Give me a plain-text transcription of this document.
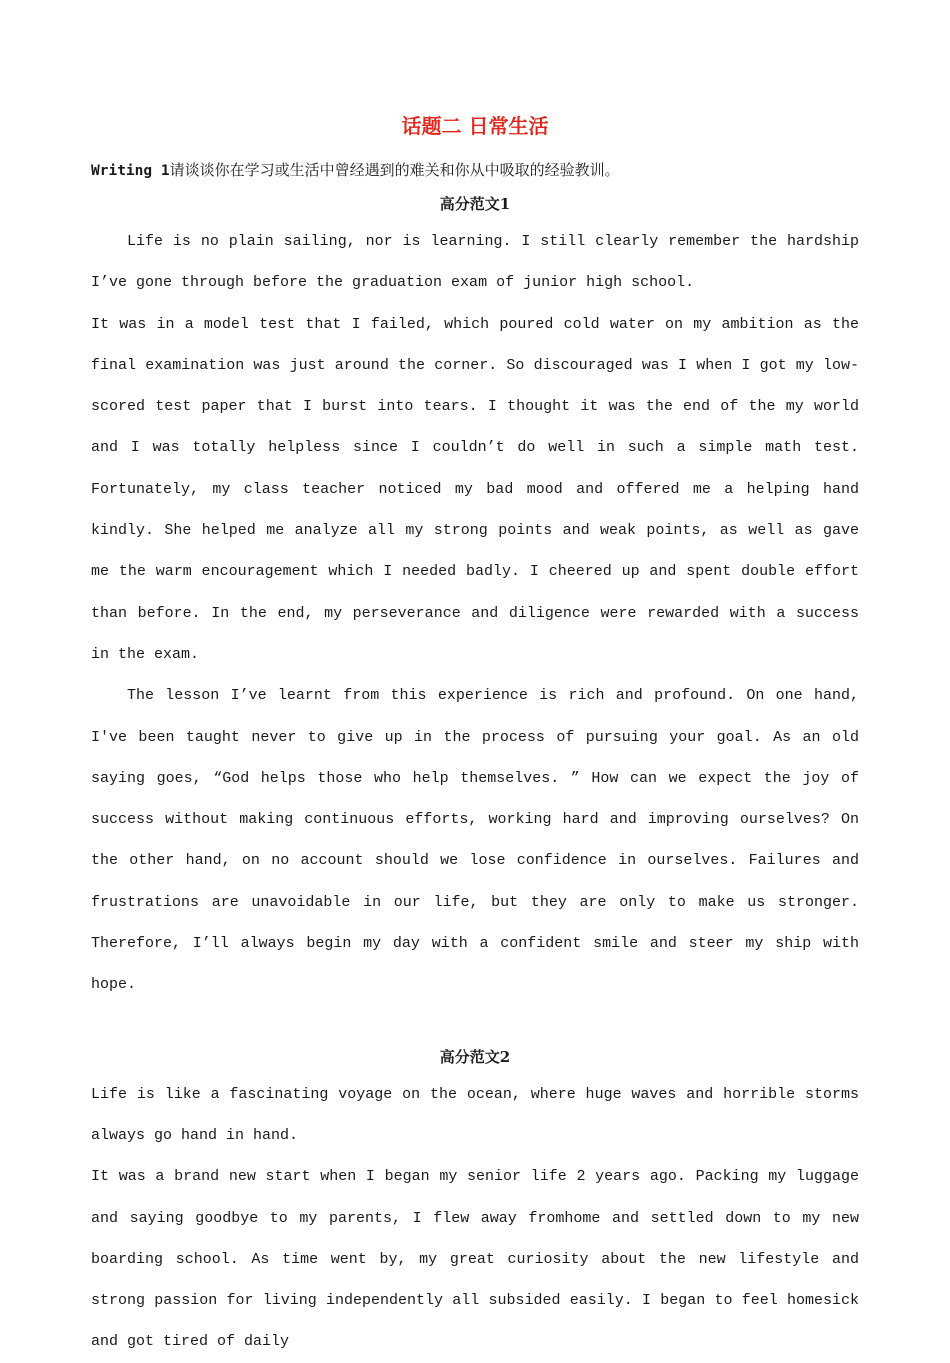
话题二 日常生活

Writing 1请谈谈你在学习或生活中曾经遇到的难关和你从中吸取的经验教训。

高分范文1

Life is no plain sailing, nor is learning. I still clearly remember the hardship I’ve gone through before the graduation exam of junior high school.

It was in a model test that I failed, which poured cold water on my ambition as the final examination was just around the corner. So discouraged was I when I got my low-scored test paper that I burst into tears. I thought it was the end of the my world and I was totally helpless since I couldn’t do well in such a simple math test. Fortunately, my class teacher noticed my bad mood and offered me a helping hand kindly. She helped me analyze all my strong points and weak points, as well as gave me the warm encouragement which I needed badly. I cheered up and spent double effort than before. In the end, my perseverance and diligence were rewarded with a success in the exam.

The lesson I’ve learnt from this experience is rich and profound. On one hand, I've been taught never to give up in the process of pursuing your goal. As an old saying goes, “God helps those who help themselves. ” How can we expect the joy of success without making continuous efforts, working hard and improving ourselves? On the other hand, on no account should we lose confidence in ourselves. Failures and frustrations are unavoidable in our life, but they are only to make us stronger. Therefore, I’ll always begin my day with a confident smile and steer my ship with hope.

高分范文2

Life is like a fascinating voyage on the ocean, where huge waves and horrible storms always go hand in hand.

It was a brand new start when I began my senior life 2 years ago. Packing my luggage and saying goodbye to my parents, I flew away fromhome and settled down to my new boarding school. As time went by, my great curiosity about the new lifestyle and strong passion for living independently all subsided easily. I began to feel homesick and got tired of daily
